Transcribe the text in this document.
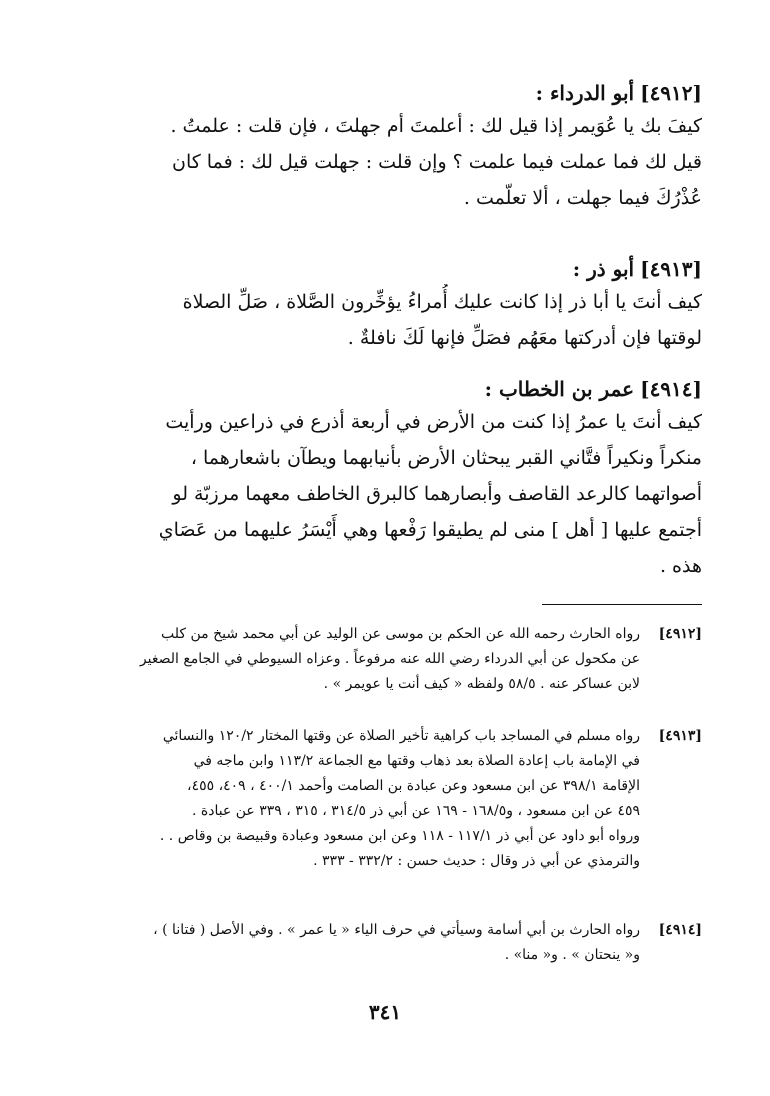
[٤٩١٢]أبو الدرداء :
كيفَ بك يا عُوَيمر إذا قيل لك : أعلمتَ أم جهلتَ ، فإن قلت : علمتُ .
قيل لك فما عملت فيما علمت ؟ وإن قلت : جهلت قيل لك : فما كان
عُذْرُكَ فيما جهلت ، ألا تعلّمت .
[٤٩١٣]أبو ذر :
كيف أنتَ يا أبا ذر إذا كانت عليك أُمراءُ يؤخِّرون الصَّلاة ، صَلِّ الصلاة
لوقتها فإن أدركتها معَهُم فصَلِّ فإنها لَكَ نافلةٌ .
[٤٩١٤]عمر بن الخطاب :
كيف أنتَ يا عمرُ إذا كنت من الأرض في أربعة أذرع في ذراعين ورأيت
منكراً ونكيراً فتَّاني القبر يبحثان الأرض بأنيابهما ويطآن باشعارهما ،
أصواتهما كالرعد القاصف وأبصارهما كالبرق الخاطف معهما مرزبّة لو
أجتمع عليها [ أهل ] منى لم يطيقوا رَفْعها وهي أَيْسَرُ عليهما من عَصَاي
هذه .
[٤٩١٢]
رواه الحارث رحمه الله عن الحكم بن موسى عن الوليد عن أبي محمد شيخ من كلب
عن مكحول عن أبي الدرداء رضي الله عنه مرفوعاً . وعزاه السيوطي في الجامع الصغير
لابن عساكر عنه . ٥٨/٥ ولفظه « كيف أنت يا عويمر » .
[٤٩١٣]
رواه مسلم في المساجد باب كراهية تأخير الصلاة عن وقتها المختار ١٢٠/٢ والنسائي
في الإمامة باب إعادة الصلاة بعد ذهاب وقتها مع الجماعة ١١٣/٢ وابن ماجه في
الإقامة ٣٩٨/١ عن ابن مسعود وعن عبادة بن الصامت وأحمد ٤٠٠/١ ، ٤٠٩، ٤٥٥،
٤٥٩ عن ابن مسعود ، و١٦٨/٥ - ١٦٩ عن أبي ذر ٣١٤/٥ ، ٣١٥ ، ٣٣٩ عن عبادة .
ورواه أبو داود عن أبي ذر ١١٧/١ - ١١٨ وعن ابن مسعود وعبادة وقبيصة بن وقاص . .
والترمذي عن أبي ذر وقال : حديث حسن : ٣٣٢/٢ - ٣٣٣ .
[٤٩١٤]
رواه الحارث بن أبي أسامة وسيأتي في حرف الياء « يا عمر » . وفي الأصل ( فتانا ) ،
و« ينحتان » . و« منا» .
٣٤١
